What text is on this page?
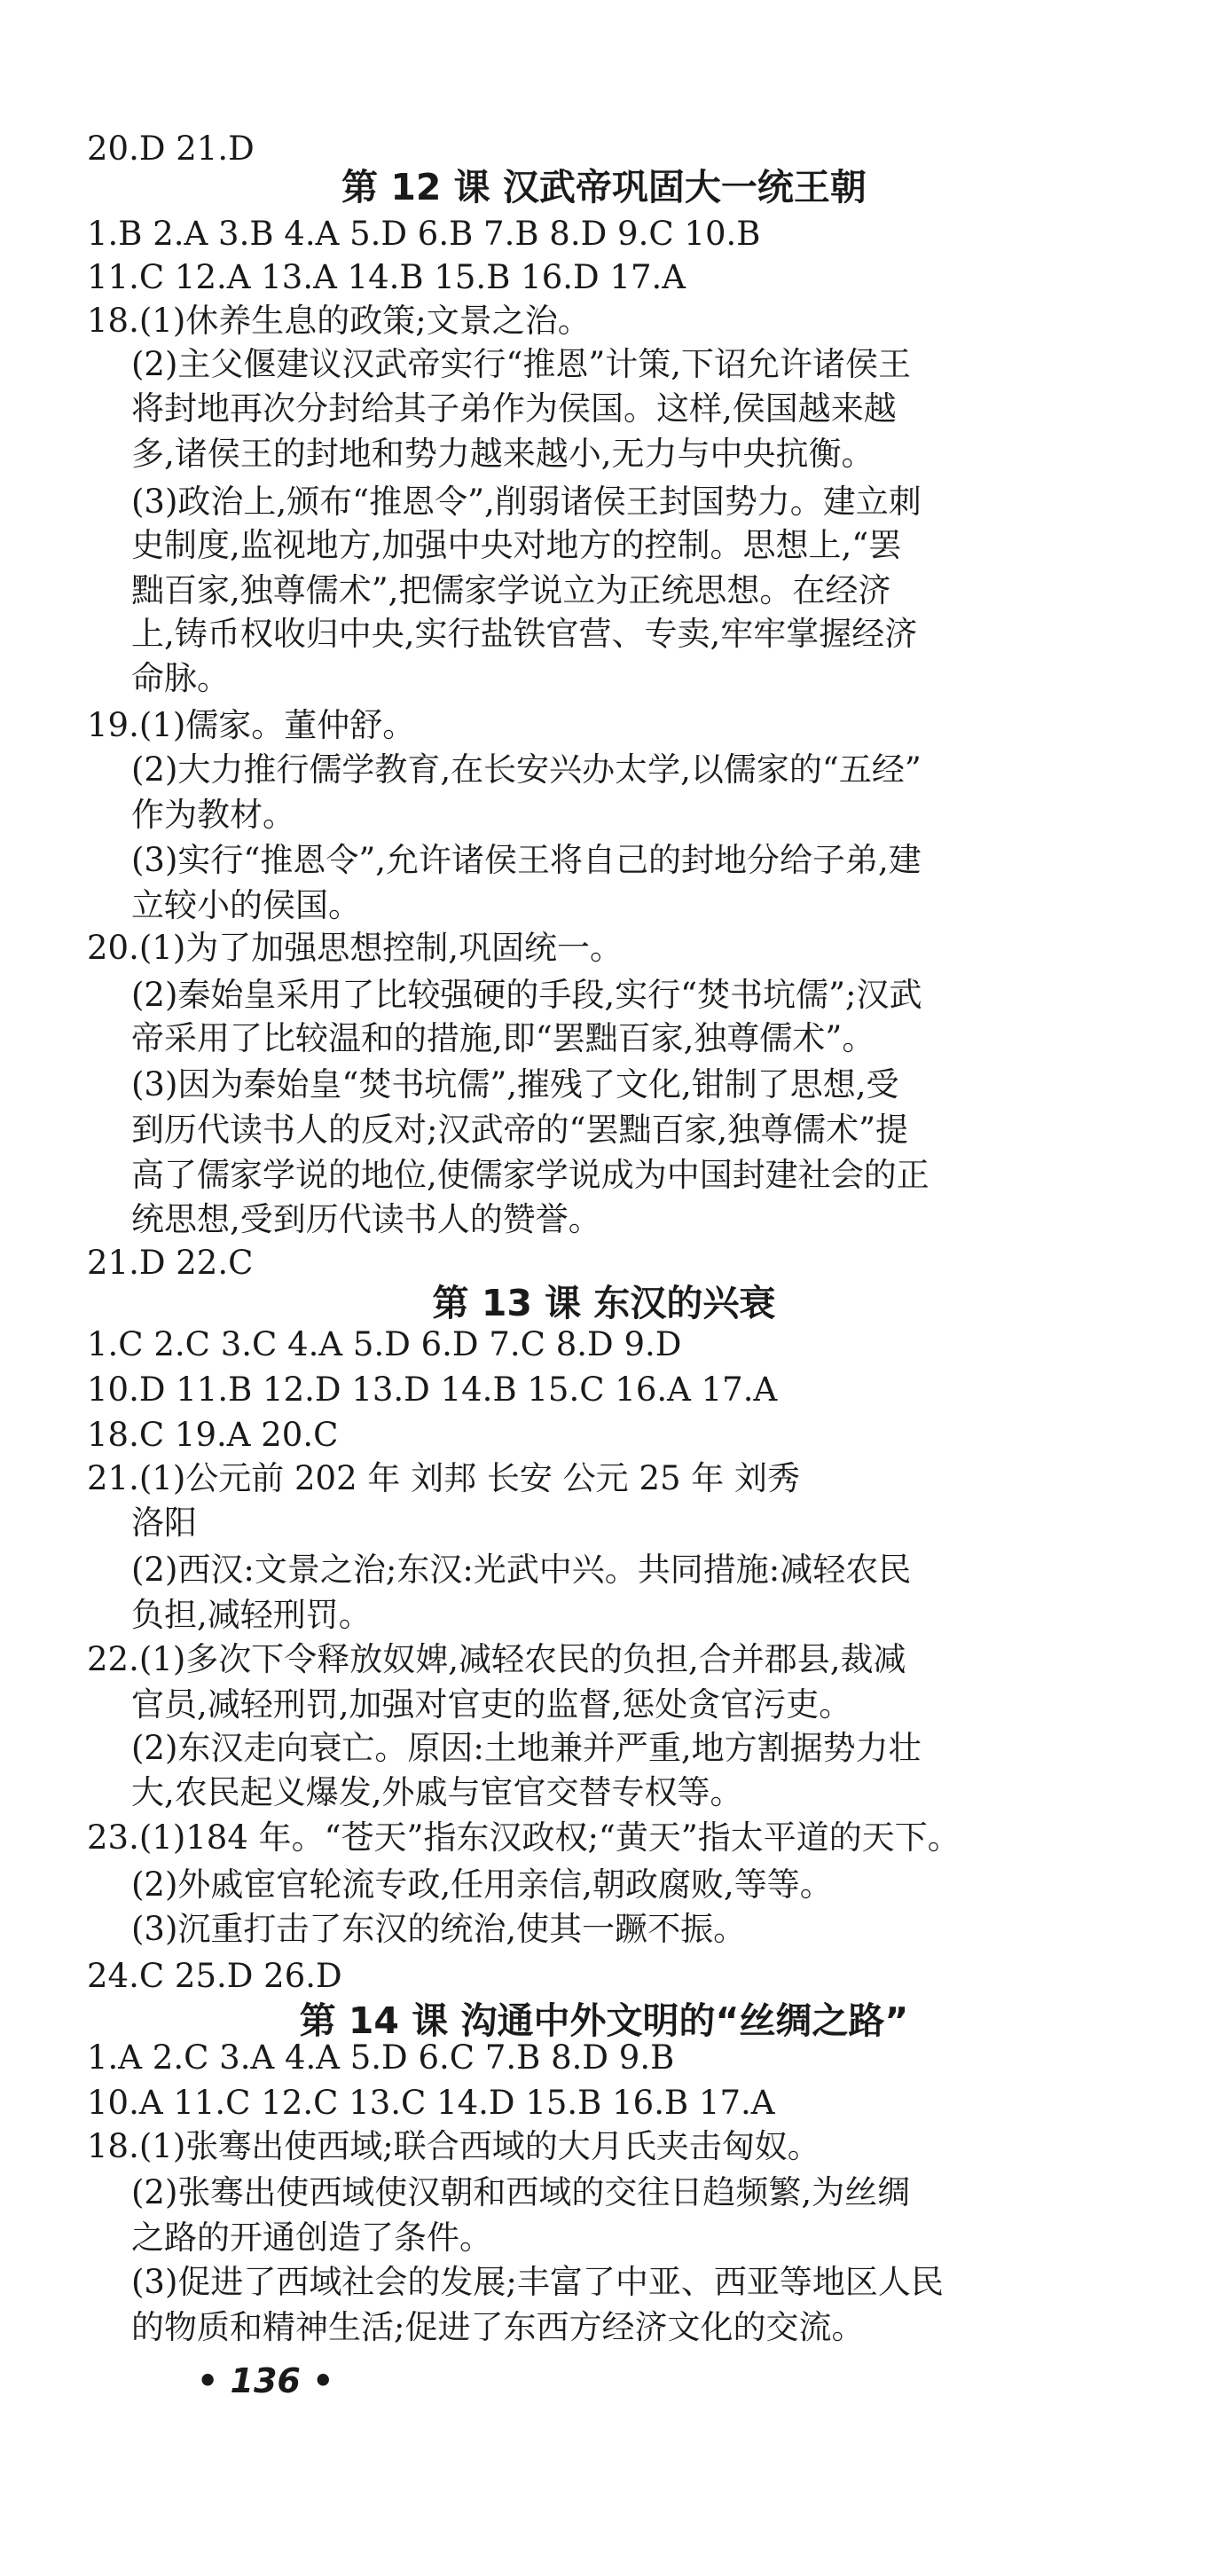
20.D 21.D
第 12 课 汉武帝巩固大一统王朝
1.B 2.A 3.B 4.A 5.D 6.B 7.B 8.D 9.C 10.B
11.C 12.A 13.A 14.B 15.B 16.D 17.A
18.(1)休养生息的政策;文景之治。
(2)主父偃建议汉武帝实行“推恩”计策,下诏允许诸侯王
将封地再次分封给其子弟作为侯国。这样,侯国越来越
多,诸侯王的封地和势力越来越小,无力与中央抗衡。
(3)政治上,颁布“推恩令”,削弱诸侯王封国势力。建立刺
史制度,监视地方,加强中央对地方的控制。思想上,“罢
黜百家,独尊儒术”,把儒家学说立为正统思想。在经济
上,铸币权收归中央,实行盐铁官营、专卖,牢牢掌握经济
命脉。
19.(1)儒家。董仲舒。
(2)大力推行儒学教育,在长安兴办太学,以儒家的“五经”
作为教材。
(3)实行“推恩令”,允许诸侯王将自己的封地分给子弟,建
立较小的侯国。
20.(1)为了加强思想控制,巩固统一。
(2)秦始皇采用了比较强硬的手段,实行“焚书坑儒”;汉武
帝采用了比较温和的措施,即“罢黜百家,独尊儒术”。
(3)因为秦始皇“焚书坑儒”,摧残了文化,钳制了思想,受
到历代读书人的反对;汉武帝的“罢黜百家,独尊儒术”提
高了儒家学说的地位,使儒家学说成为中国封建社会的正
统思想,受到历代读书人的赞誉。
21.D 22.C
第 13 课 东汉的兴衰
1.C 2.C 3.C 4.A 5.D 6.D 7.C 8.D 9.D
10.D 11.B 12.D 13.D 14.B 15.C 16.A 17.A
18.C 19.A 20.C
21.(1)公元前 202 年 刘邦 长安 公元 25 年 刘秀
洛阳
(2)西汉:文景之治;东汉:光武中兴。共同措施:减轻农民
负担,减轻刑罚。
22.(1)多次下令释放奴婢,减轻农民的负担,合并郡县,裁减
官员,减轻刑罚,加强对官吏的监督,惩处贪官污吏。
(2)东汉走向衰亡。原因:土地兼并严重,地方割据势力壮
大,农民起义爆发,外戚与宦官交替专权等。
23.(1)184 年。“苍天”指东汉政权;“黄天”指太平道的天下。
(2)外戚宦官轮流专政,任用亲信,朝政腐败,等等。
(3)沉重打击了东汉的统治,使其一蹶不振。
24.C 25.D 26.D
第 14 课 沟通中外文明的“丝绸之路”
1.A 2.C 3.A 4.A 5.D 6.C 7.B 8.D 9.B
10.A 11.C 12.C 13.C 14.D 15.B 16.B 17.A
18.(1)张骞出使西域;联合西域的大月氏夹击匈奴。
(2)张骞出使西域使汉朝和西域的交往日趋频繁,为丝绸
之路的开通创造了条件。
(3)促进了西域社会的发展;丰富了中亚、西亚等地区人民
的物质和精神生活;促进了东西方经济文化的交流。
• 136 •
